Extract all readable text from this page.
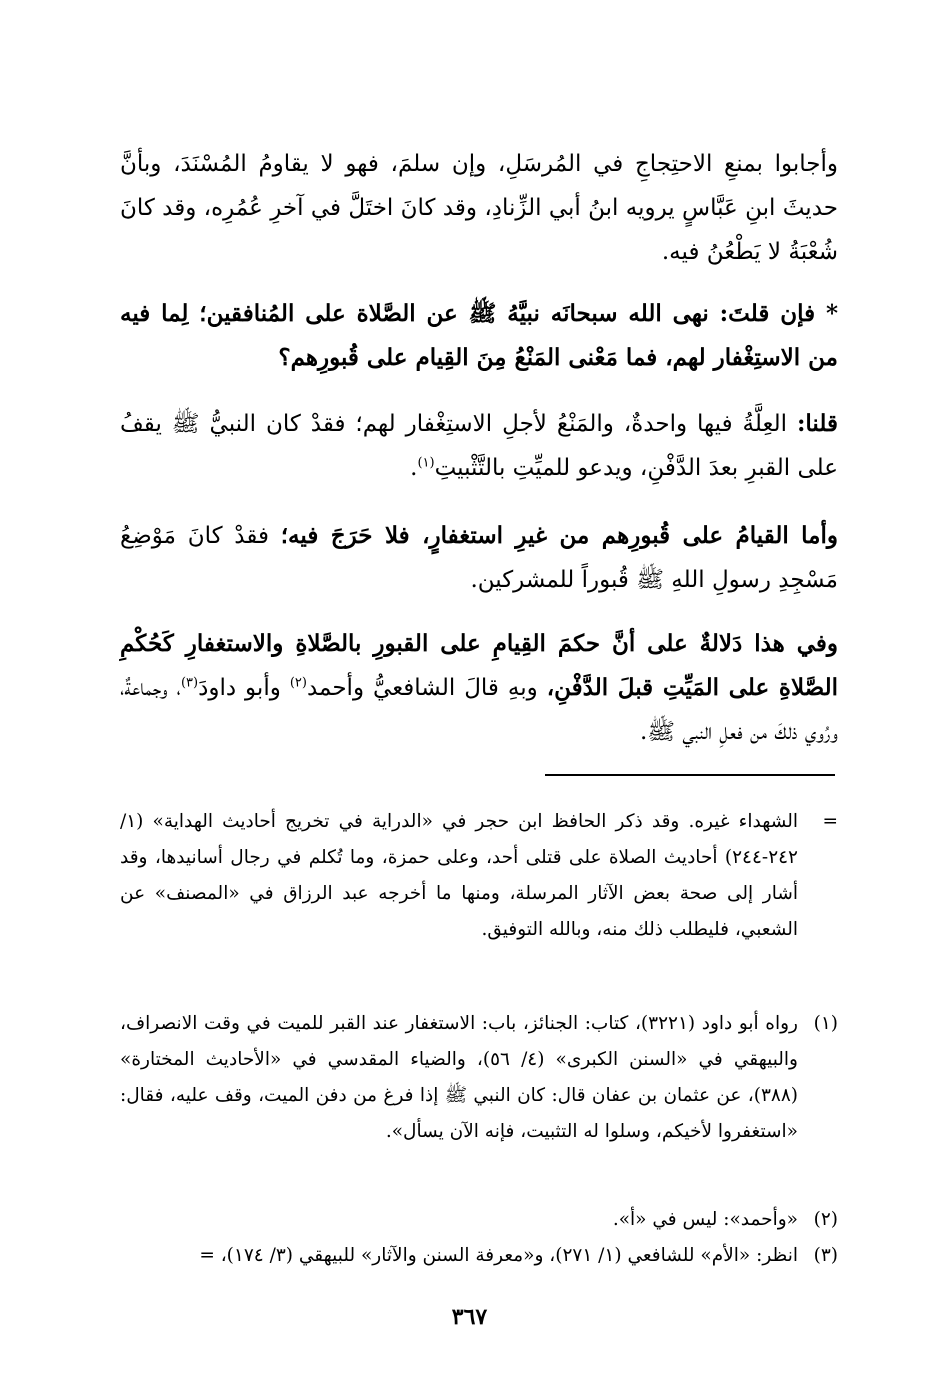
وأجابوا بمنعِ الاحتِجاجِ في المُرسَلِ، وإن سلمَ، فهو لا يقاومُ المُسْنَدَ، وبأنَّ حديثَ ابنِ عَبَّاسٍ يرويه ابنُ أبي الزِّنادِ، وقد كانَ اختَلَّ في آخرِ عُمُرِه، وقد كانَ شُعْبَةُ لا يَطْعُنُ فيه.

* فإن قلتَ: نهى الله سبحانَه نبيَّهُ ﷺ عن الصَّلاة على المُنافقين؛ لِما فيه من الاستِغْفار لهم، فما مَعْنى المَنْعُ مِنَ القِيام على قُبورِهم؟

قلنا: العِلَّةُ فيها واحدةٌ، والمَنْعُ لأجلِ الاستِغْفار لهم؛ فقدْ كان النبيُّ ﷺ يقفُ على القبرِ بعدَ الدَّفْنِ، ويدعو للميِّتِ بالتَّثْبيتِ$^{(١)}$.

وأما القيامُ على قُبورِهم من غيرِ استغفارٍ، فلا حَرَجَ فيه؛ فقدْ كانَ مَوْضِعُ مَسْجِدِ رسولِ اللهِ ﷺ قُبوراً للمشركين.

وفي هذا دَلالةٌ على أنَّ حكمَ القِيامِ على القبورِ بالصَّلاةِ والاستغفارِ كَحُكْمِ الصَّلاةِ على المَيِّتِ قبلَ الدَّفْنِ، وبهِ قالَ الشافعيُّ وأحمد$^{(٢)}$ وأبو داودَ$^{(٣)}$، وجماعةٌ، ورُوي ذلكَ من فعلِ النبي ﷺ.

=
الشهداء غيره. وقد ذكر الحافظ ابن حجر في «الدراية في تخريج أحاديث الهداية» (١/ ٢٤٢-٢٤٤) أحاديث الصلاة على قتلى أحد، وعلى حمزة، وما تُكلم في رجال أسانيدها، وقد أشار إلى صحة بعض الآثار المرسلة، ومنها ما أخرجه عبد الرزاق في «المصنف» عن الشعبي، فليطلب ذلك منه، وبالله التوفيق.
(١)
رواه أبو داود (٣٢٢١)، كتاب: الجنائز، باب: الاستغفار عند القبر للميت في وقت الانصراف، والبيهقي في «السنن الكبرى» (٤/ ٥٦)، والضياء المقدسي في «الأحاديث المختارة» (٣٨٨)، عن عثمان بن عفان قال: كان النبي ﷺ إذا فرغ من دفن الميت، وقف عليه، فقال: «استغفروا لأخيكم، وسلوا له التثبيت، فإنه الآن يسأل».
(٢)
«وأحمد»: ليس في «أ».
(٣)
انظر: «الأم» للشافعي (١/ ٢٧١)، و«معرفة السنن والآثار» للبيهقي (٣/ ١٧٤)، =
٣٦٧
